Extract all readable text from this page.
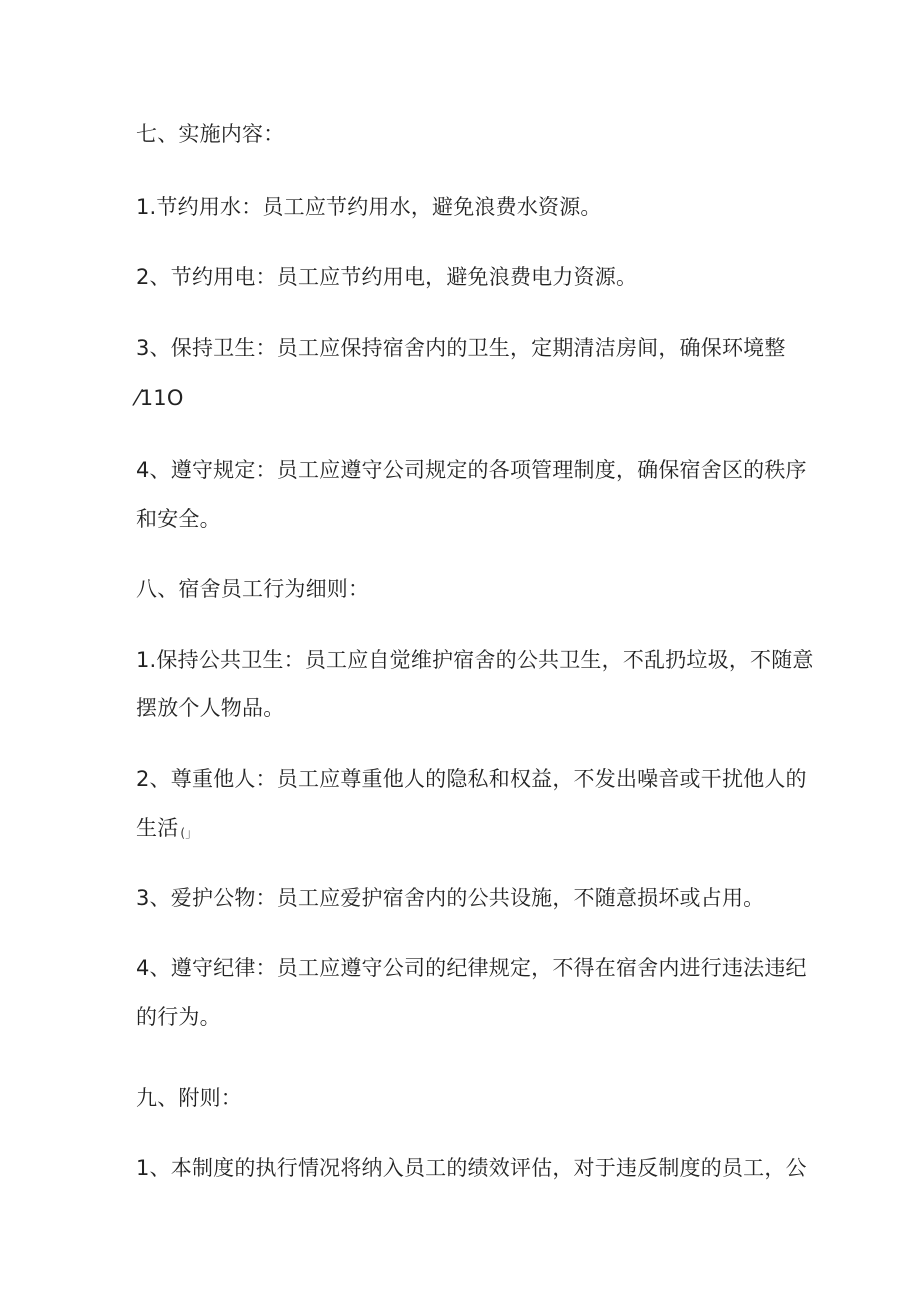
七、实施内容：

1.节约用水：员工应节约用水，避免浪费水资源。

2、节约用电：员工应节约用电，避免浪费电力资源。

3、保持卫生：员工应保持宿舍内的卫生，定期清洁房间，确保环境整

⁄11O

4、遵守规定：员工应遵守公司规定的各项管理制度，确保宿舍区的秩序

和安全。

八、宿舍员工行为细则：

1.保持公共卫生：员工应自觉维护宿舍的公共卫生，不乱扔垃圾，不随意

摆放个人物品。

2、尊重他人：员工应尊重他人的隐私和权益，不发出噪音或干扰他人的

生活 (」

3、爱护公物：员工应爱护宿舍内的公共设施，不随意损坏或占用。

4、遵守纪律：员工应遵守公司的纪律规定，不得在宿舍内进行违法违纪

的行为。

九、附则：

1、本制度的执行情况将纳入员工的绩效评估，对于违反制度的员工，公
